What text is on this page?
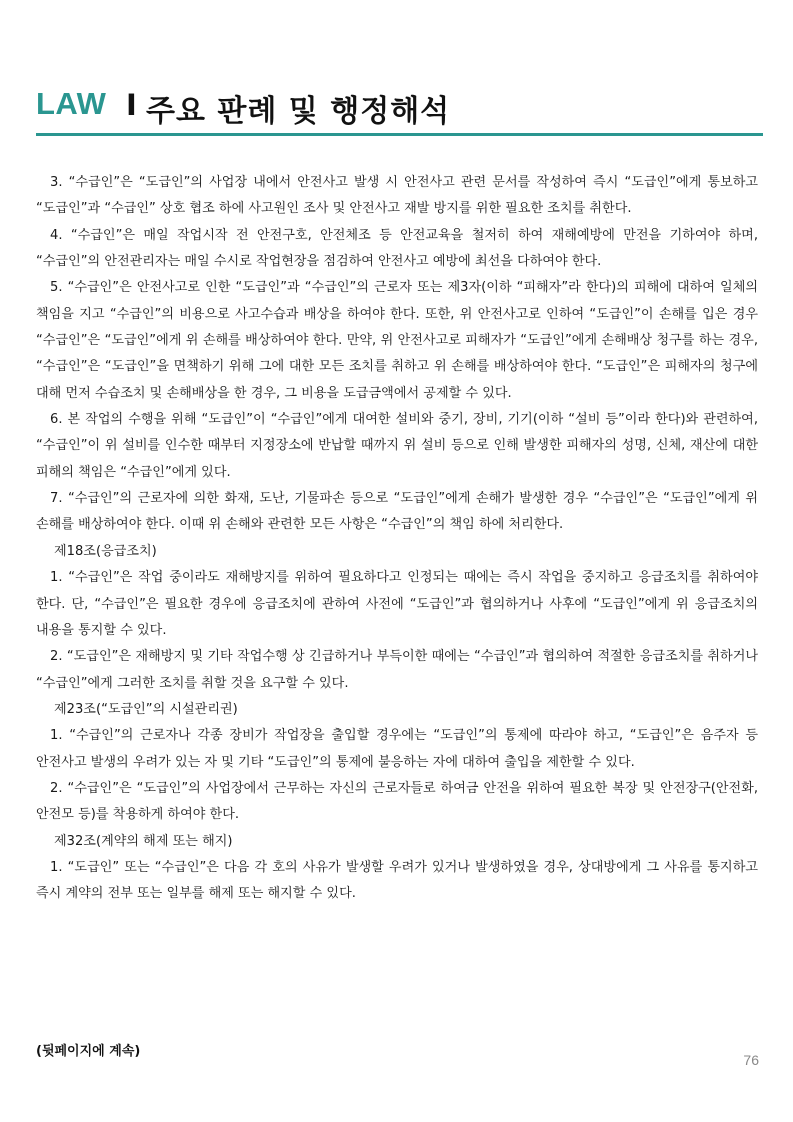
LAW I 주요 판례 및 행정해석

3. “수급인”은 “도급인”의 사업장 내에서 안전사고 발생 시 안전사고 관련 문서를 작성하여 즉시 “도급인”에게 통보하고 “도급인”과 “수급인” 상호 협조 하에 사고원인 조사 및 안전사고 재발 방지를 위한 필요한 조치를 취한다.

4. “수급인”은 매일 작업시작 전 안전구호, 안전체조 등 안전교육을 철저히 하여 재해예방에 만전을 기하여야 하며, “수급인”의 안전관리자는 매일 수시로 작업현장을 점검하여 안전사고 예방에 최선을 다하여야 한다.

5. “수급인”은 안전사고로 인한 “도급인”과 “수급인”의 근로자 또는 제3자(이하 “피해자”라 한다)의 피해에 대하여 일체의 책임을 지고 “수급인”의 비용으로 사고수습과 배상을 하여야 한다. 또한, 위 안전사고로 인하여 “도급인”이 손해를 입은 경우 “수급인”은 “도급인”에게 위 손해를 배상하여야 한다. 만약, 위 안전사고로 피해자가 “도급인”에게 손해배상 청구를 하는 경우, “수급인”은 “도급인”을 면책하기 위해 그에 대한 모든 조치를 취하고 위 손해를 배상하여야 한다. “도급인”은 피해자의 청구에 대해 먼저 수습조치 및 손해배상을 한 경우, 그 비용을 도급금액에서 공제할 수 있다.

6. 본 작업의 수행을 위해 “도급인”이 “수급인”에게 대여한 설비와 중기, 장비, 기기(이하 “설비 등”이라 한다)와 관련하여, “수급인”이 위 설비를 인수한 때부터 지정장소에 반납할 때까지 위 설비 등으로 인해 발생한 피해자의 성명, 신체, 재산에 대한 피해의 책임은 “수급인”에게 있다.

7. “수급인”의 근로자에 의한 화재, 도난, 기물파손 등으로 “도급인”에게 손해가 발생한 경우 “수급인”은 “도급인”에게 위 손해를 배상하여야 한다. 이때 위 손해와 관련한 모든 사항은 “수급인”의 책임 하에 처리한다.

제18조(응급조치)

1. “수급인”은 작업 중이라도 재해방지를 위하여 필요하다고 인정되는 때에는 즉시 작업을 중지하고 응급조치를 취하여야 한다. 단, “수급인”은 필요한 경우에 응급조치에 관하여 사전에 “도급인”과 협의하거나 사후에 “도급인”에게 위 응급조치의 내용을 통지할 수 있다.

2. “도급인”은 재해방지 및 기타 작업수행 상 긴급하거나 부득이한 때에는 “수급인”과 협의하여 적절한 응급조치를 취하거나 “수급인”에게 그러한 조치를 취할 것을 요구할 수 있다.

제23조(“도급인”의 시설관리권)

1. “수급인”의 근로자나 각종 장비가 작업장을 출입할 경우에는 “도급인”의 통제에 따라야 하고, “도급인”은 음주자 등 안전사고 발생의 우려가 있는 자 및 기타 “도급인”의 통제에 불응하는 자에 대하여 출입을 제한할 수 있다.

2. “수급인”은 “도급인”의 사업장에서 근무하는 자신의 근로자들로 하여금 안전을 위하여 필요한 복장 및 안전장구(안전화, 안전모 등)를 착용하게 하여야 한다.

제32조(계약의 해제 또는 해지)

1. “도급인” 또는 “수급인”은 다음 각 호의 사유가 발생할 우려가 있거나 발생하였을 경우, 상대방에게 그 사유를 통지하고 즉시 계약의 전부 또는 일부를 해제 또는 해지할 수 있다.

(뒷페이지에 계속)
76
